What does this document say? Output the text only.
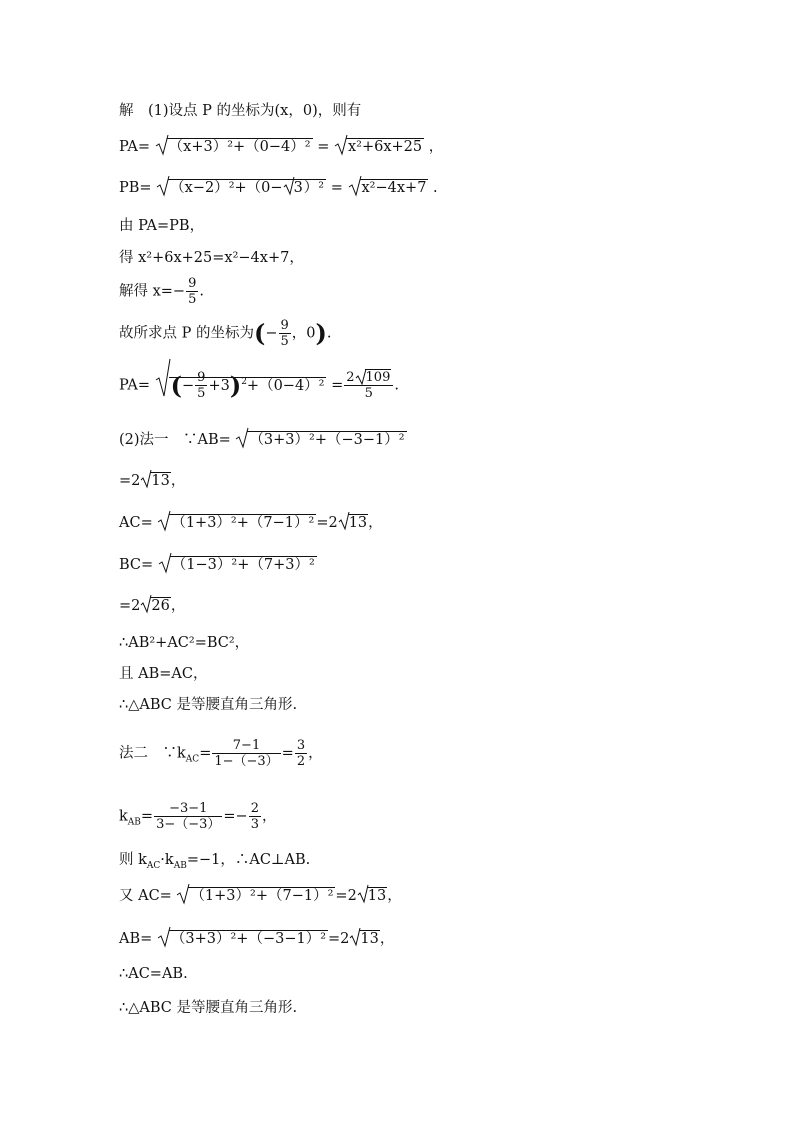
解　(1)设点 P 的坐标为(x，0)，则有
PA= （x+3）²+（0−4）² = x²+6x+25 ，
PB= （x−2）²+（0− 3
）² = x²−4x+7 .
由 PA=PB，
得 x²+6x+25=x²−4x+7，
解得 $x=- \frac{9}{5}$ .
故所求点 P 的坐标为(− $\frac{9}{5}$ ，0).
PA= (− $\frac{9}{5} +3)^2+(0-4)^2 = \frac{2 109}{5}$ .
(2)法一　 ∵AB= （3+3）²+（−3−1）²
=2 13
，
AC= （1+3）²+（7−1）² =2 13
，
BC= （1−3）²+（7+3）²
=2 26
，
∴AB²+AC²=BC²，
且 AB=AC，
∴△ABC 是等腰直角三角形.
法二　 $\because k_{AC}= \frac{7-1}{1-(-3)} = \frac{3}{2}$ ，
$k_{AB}= \frac{-3-1}{3-(-3)} =- \frac{2}{3}$ ，
则 $k_{AC}\cdot k_{AB}=-1$，∴AC⊥AB.
又 AC= （1+3）²+（7−1）² =2 13
，
AB= （3+3）²+（−3−1）² =2 13
，
∴AC=AB.
∴△ABC 是等腰直角三角形.
